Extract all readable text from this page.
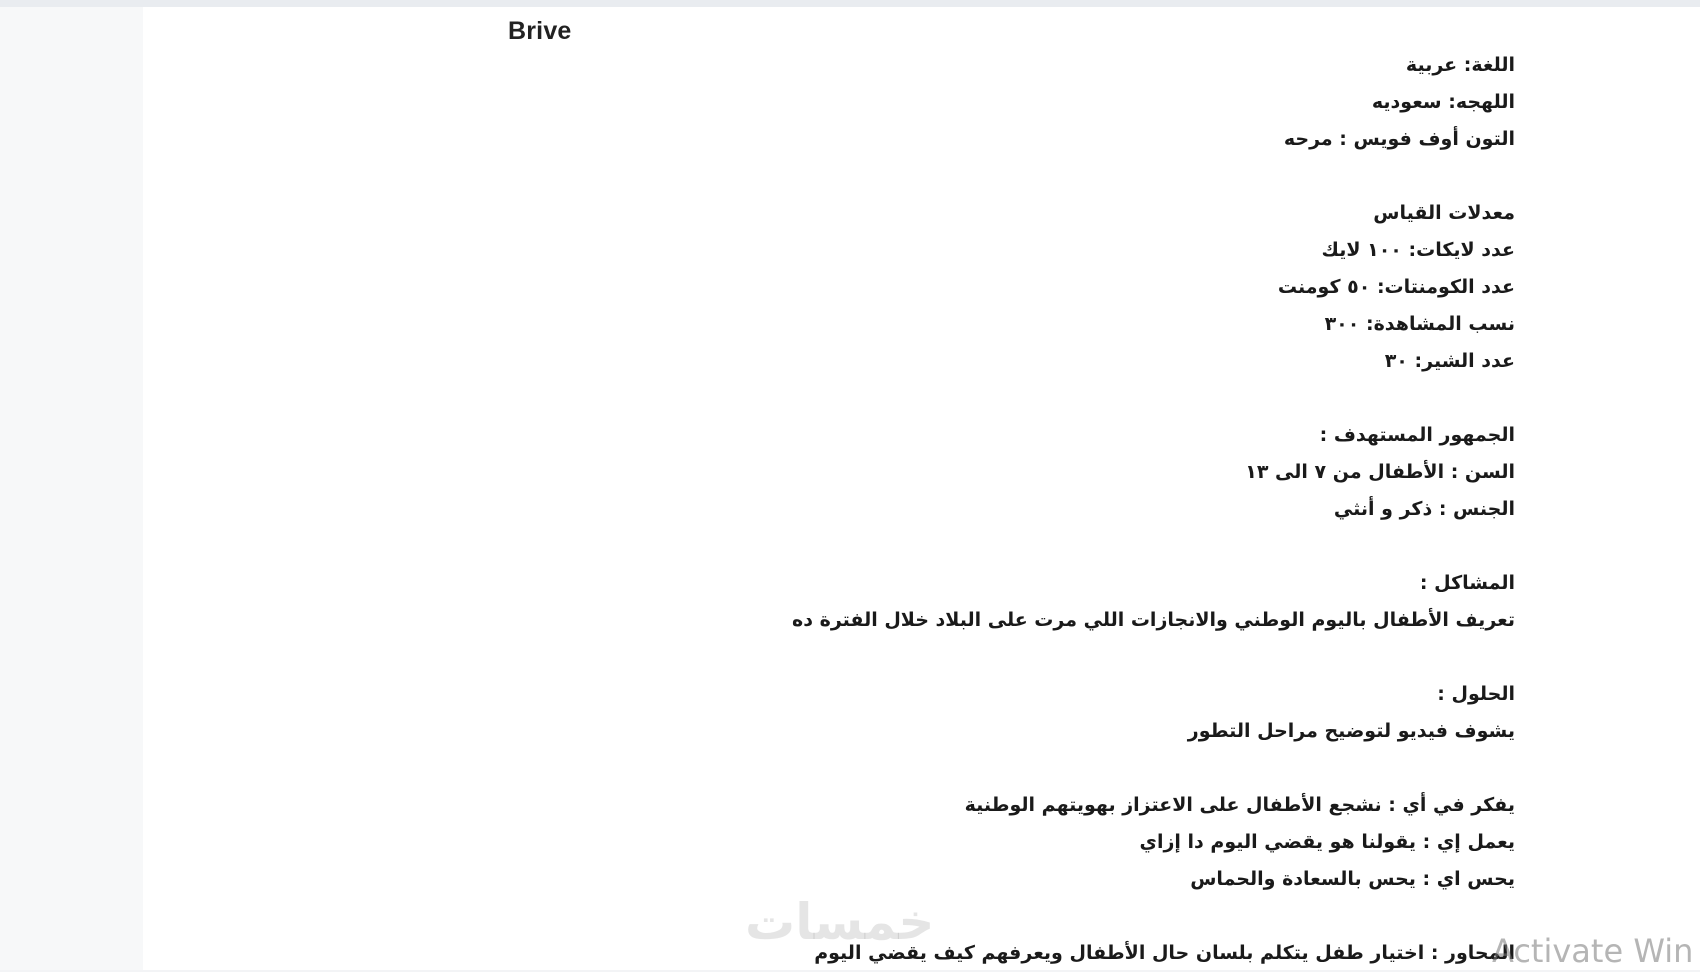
Brive
اللغة: عربية
اللهجه: سعوديه
التون أوف فويس : مرحه
معدلات القياس
عدد لايكات: ١٠٠ لايك
عدد الكومنتات: ٥٠ كومنت
نسب المشاهدة: ٣٠٠
عدد الشير: ٣٠
الجمهور المستهدف :
السن : الأطفال من ٧ الى ١٣
الجنس : ذكر و أنثي
المشاكل :
تعريف الأطفال باليوم الوطني والانجازات اللي مرت على البلاد خلال الفترة ده
الحلول :
يشوف فيديو لتوضيح مراحل التطور
يفكر في أي : نشجع الأطفال على الاعتزاز بهويتهم الوطنية
يعمل إي : يقولنا هو يقضي اليوم دا إزاي
يحس اي : يحس بالسعادة والحماس
المحاور : اختيار طفل يتكلم بلسان حال الأطفال ويعرفهم كيف يقضي اليوم
خمسات	Activate Win
